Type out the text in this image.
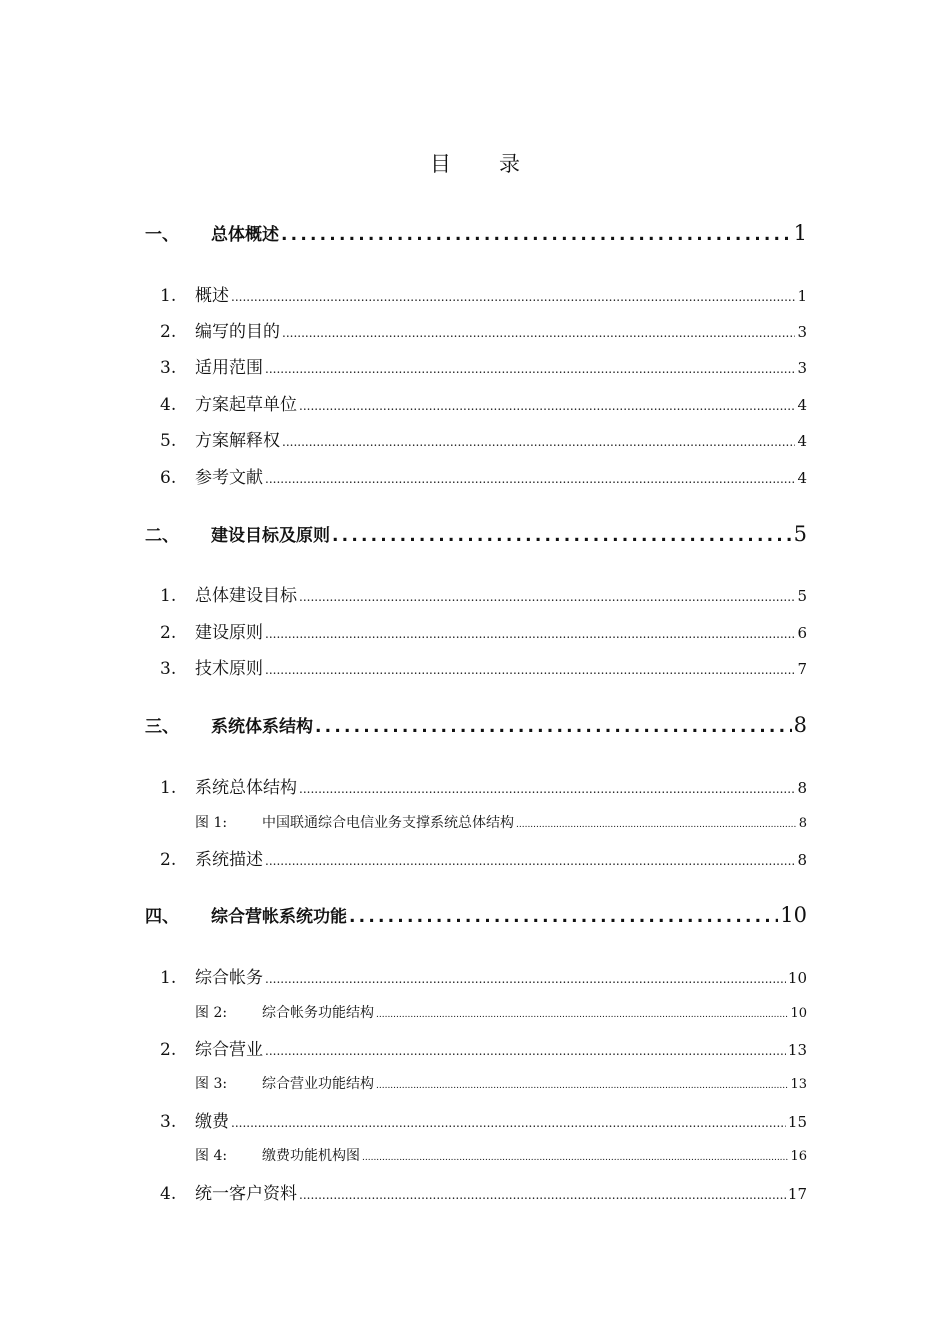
目 录
一、	总体概述 .....	1
1.	概述 .....	1
2.	编写的目的 .....	3
3.	适用范围 .....	3
4.	方案起草单位 .....	4
5.	方案解释权 .....	4
6.	参考文献 .....	4
二、	建设目标及原则 .....	5
1.	总体建设目标 .....	5
2.	建设原则 .....	6
3.	技术原则 .....	7
三、	系统体系结构 .....	8
1.	系统总体结构 .....	8
图 1:	中国联通综合电信业务支撑系统总体结构 .....	8
2.	系统描述 .....	8
四、	综合营帐系统功能 .....	10
1.	综合帐务 .....	10
图 2:	综合帐务功能结构 .....	10
2.	综合营业 .....	13
图 3:	综合营业功能结构 .....	13
3.	缴费 .....	15
图 4:	缴费功能机构图 .....	16
4.	统一客户资料 .....	17
